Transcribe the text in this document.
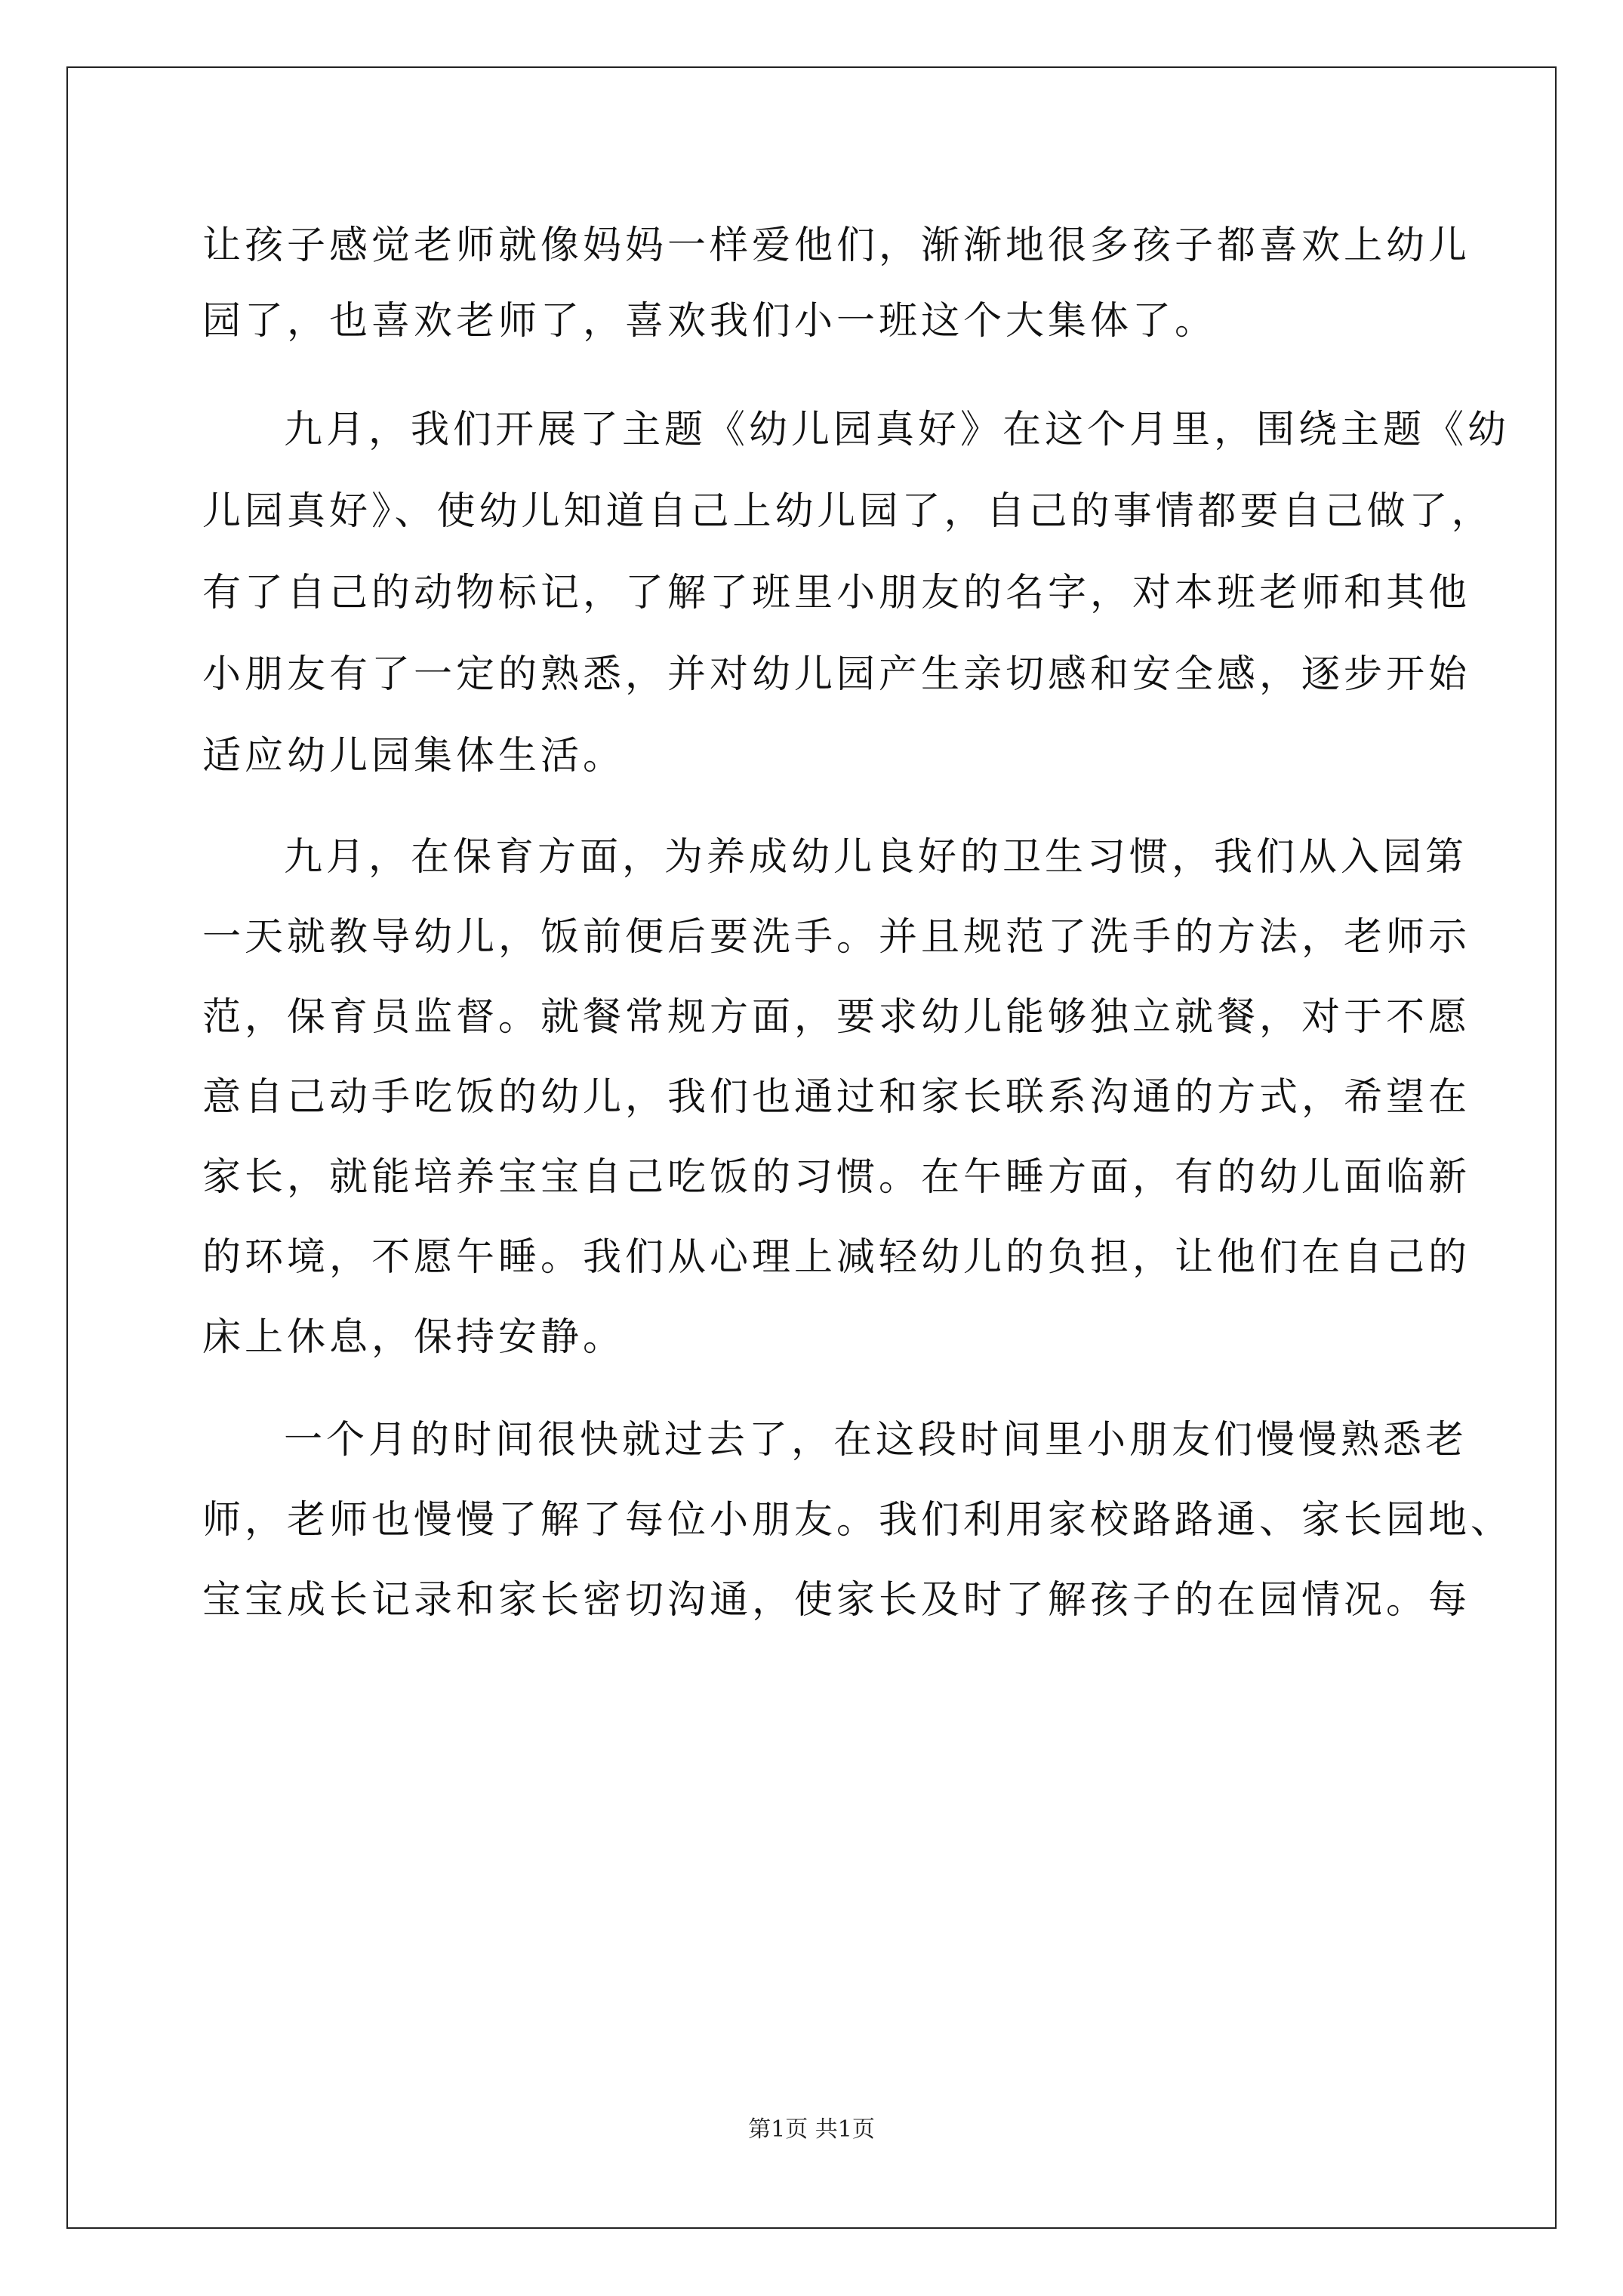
让孩子感觉老师就像妈妈一样爱他们，渐渐地很多孩子都喜欢上幼儿
园了，也喜欢老师了，喜欢我们小一班这个大集体了。
九月，我们开展了主题《幼儿园真好》在这个月里，围绕主题《幼
儿园真好》、使幼儿知道自己上幼儿园了，自己的事情都要自己做了，
有了自己的动物标记，了解了班里小朋友的名字，对本班老师和其他
小朋友有了一定的熟悉，并对幼儿园产生亲切感和安全感，逐步开始
适应幼儿园集体生活。
九月，在保育方面，为养成幼儿良好的卫生习惯，我们从入园第
一天就教导幼儿，饭前便后要洗手。并且规范了洗手的方法，老师示
范，保育员监督。就餐常规方面，要求幼儿能够独立就餐，对于不愿
意自己动手吃饭的幼儿，我们也通过和家长联系沟通的方式，希望在
家长，就能培养宝宝自己吃饭的习惯。在午睡方面，有的幼儿面临新
的环境，不愿午睡。我们从心理上减轻幼儿的负担，让他们在自己的
床上休息，保持安静。
一个月的时间很快就过去了，在这段时间里小朋友们慢慢熟悉老
师，老师也慢慢了解了每位小朋友。我们利用家校路路通、家长园地、
宝宝成长记录和家长密切沟通，使家长及时了解孩子的在园情况。每
第1页 共1页
